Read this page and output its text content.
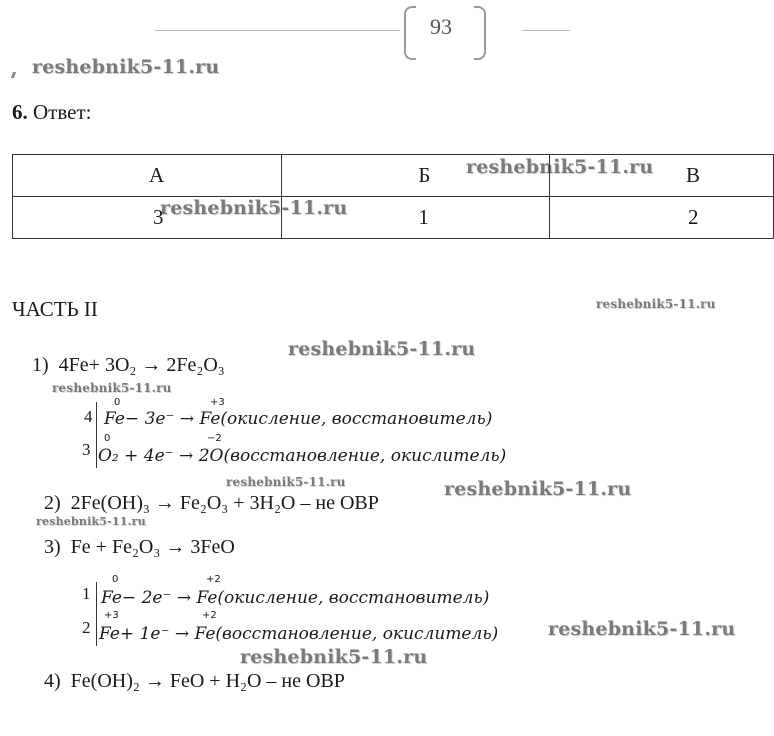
93
reshebnik5-11.ru
reshebnik5-11.ru
reshebnik5-11.ru
reshebnik5-11.ru
reshebnik5-11.ru
reshebnik5-11.ru
reshebnik5-11.ru	reshebnik5-11.ru
reshebnik5-11.ru
reshebnik5-11.ru
reshebnik5-11.ru
6. Ответ:
А	Б	В
3	1	2
ЧАСТЬ II
1) 4Fe+ 3O₂ → 2Fe₂O₃
4
0	+3
Fe− 3e⁻ → Fe(окисление, восстановитель)
3
0	−2
O₂ + 4e⁻ → 2O(восстановление, окислитель)
2) 2Fe(OH)₃ → Fe₂O₃ + 3H₂O – не ОВР
3) Fe + Fe₂O₃ → 3FeO
1
0	+2
Fe− 2e⁻ → Fe(окисление, восстановитель)
2
+3	+2
Fe+ 1e⁻ → Fe(восстановление, окислитель)
4) Fe(OH)₂ → FeO + H₂O – не ОВР
